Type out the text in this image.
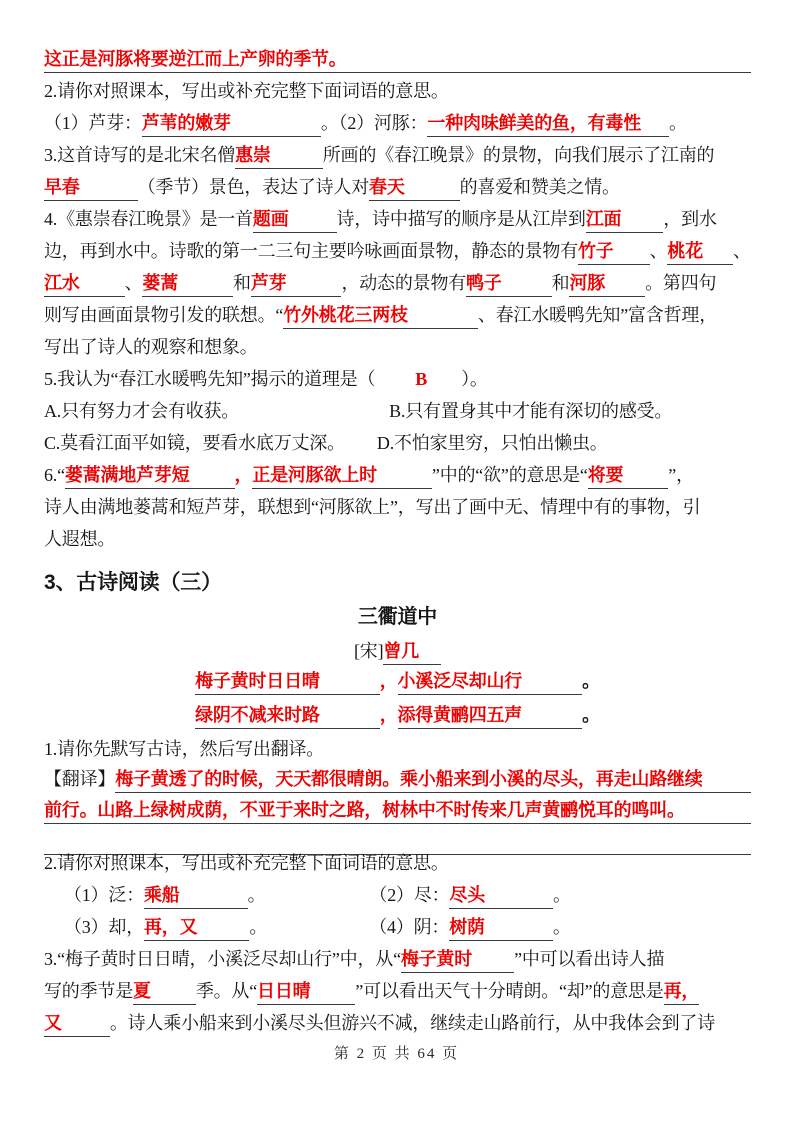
这正是河豚将要逆江而上产卵的季节。
2.请你对照课本，写出或补充完整下面词语的意思。
（1）芦芽： 芦苇的嫩芽	。（2）河豚： 一种肉味鲜美的鱼，有毒性	。
3.这首诗写的是北宋名僧 惠崇	所画的《春江晚景》的景物，向我们展示了江南的
早春	（季节）景色，表达了诗人对 春天	的喜爱和赞美之情。
4.《惠崇春江晚景》是一首 题画	诗，诗中描写的顺序是从江岸到 江面	，到水
边，再到水中。诗歌的第一二三句主要吟咏画面景物，静态的景物有 竹子	、 桃花	、
江水	、 蒌蒿	和 芦芽	，动态的景物有 鸭子	和 河豚	。第四句
则写由画面景物引发的联想。“ 竹外桃花三两枝	、春江水暖鸭先知”富含哲理，
写出了诗人的观察和想象。
5.我认为“春江水暖鸭先知”揭示的道理是（ B ）。
A.只有努力才会有收获。	B.只有置身其中才能有深切的感受。
C.莫看江面平如镜，要看水底万丈深。 D.不怕家里穷，只怕出懒虫。
6.“ 蒌蒿满地芦芽短	， 正是河豚欲上时	”中的“欲”的意思是“ 将要	”，
诗人由满地蒌蒿和短芦芽，联想到“河豚欲上”，写出了画中无、情理中有的事物，引
人遐想。
3、古诗阅读（三）
三衢道中
[宋] 曾几
梅子黄时日日晴	， 小溪泛尽却山行	。
绿阴不减来时路	， 添得黄鹂四五声	。
1.请你先默写古诗，然后写出翻译。
【翻译】 梅子黄透了的时候，天天都很晴朗。乘小船来到小溪的尽头，再走山路继续
前行。山路上绿树成荫，不亚于来时之路，树林中不时传来几声黄鹂悦耳的鸣叫。
2.请你对照课本，写出或补充完整下面词语的意思。
（1）泛： 乘船	。	（2）尽： 尽头	。
（3）却， 再，又	。	（4）阴： 树荫	。
3.“梅子黄时日日晴，小溪泛尽却山行”中，从“ 梅子黄时	”中可以看出诗人描
写的季节是 夏	季。从“ 日日晴	”可以看出天气十分晴朗。“却”的意思是 再，
又	。诗人乘小船来到小溪尽头但游兴不减，继续走山路前行，从中我体会到了诗
第 2 页 共 64 页
